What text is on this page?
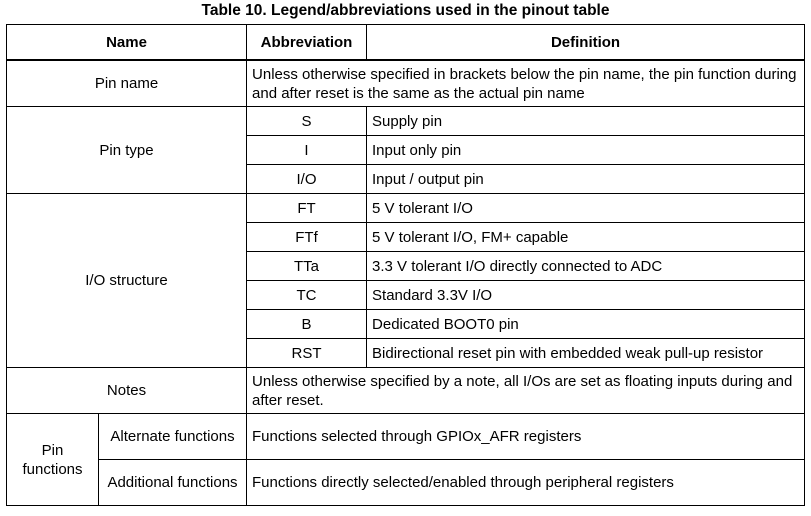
Table 10. Legend/abbreviations used in the pinout table
Name		Abbreviation	Definition
Pin name		Unless otherwise specified in brackets below the pin name, the pin function during and after reset is the same as the actual pin name	
Pin type		S	Supply pin
		I	Input only pin
		I/O	Input / output pin
I/O structure		FT	5 V tolerant I/O
		FTf	5 V tolerant I/O, FM+ capable
		TTa	3.3 V tolerant I/O directly connected to ADC
		TC	Standard 3.3V I/O
		B	Dedicated BOOT0 pin
		RST	Bidirectional reset pin with embedded weak pull-up resistor
Notes		Unless otherwise specified by a note, all I/Os are set as floating inputs during and after reset.	
Pin functions	Alternate functions	Functions selected through GPIOx_AFR registers	
	Additional functions	Functions directly selected/enabled through peripheral registers	
